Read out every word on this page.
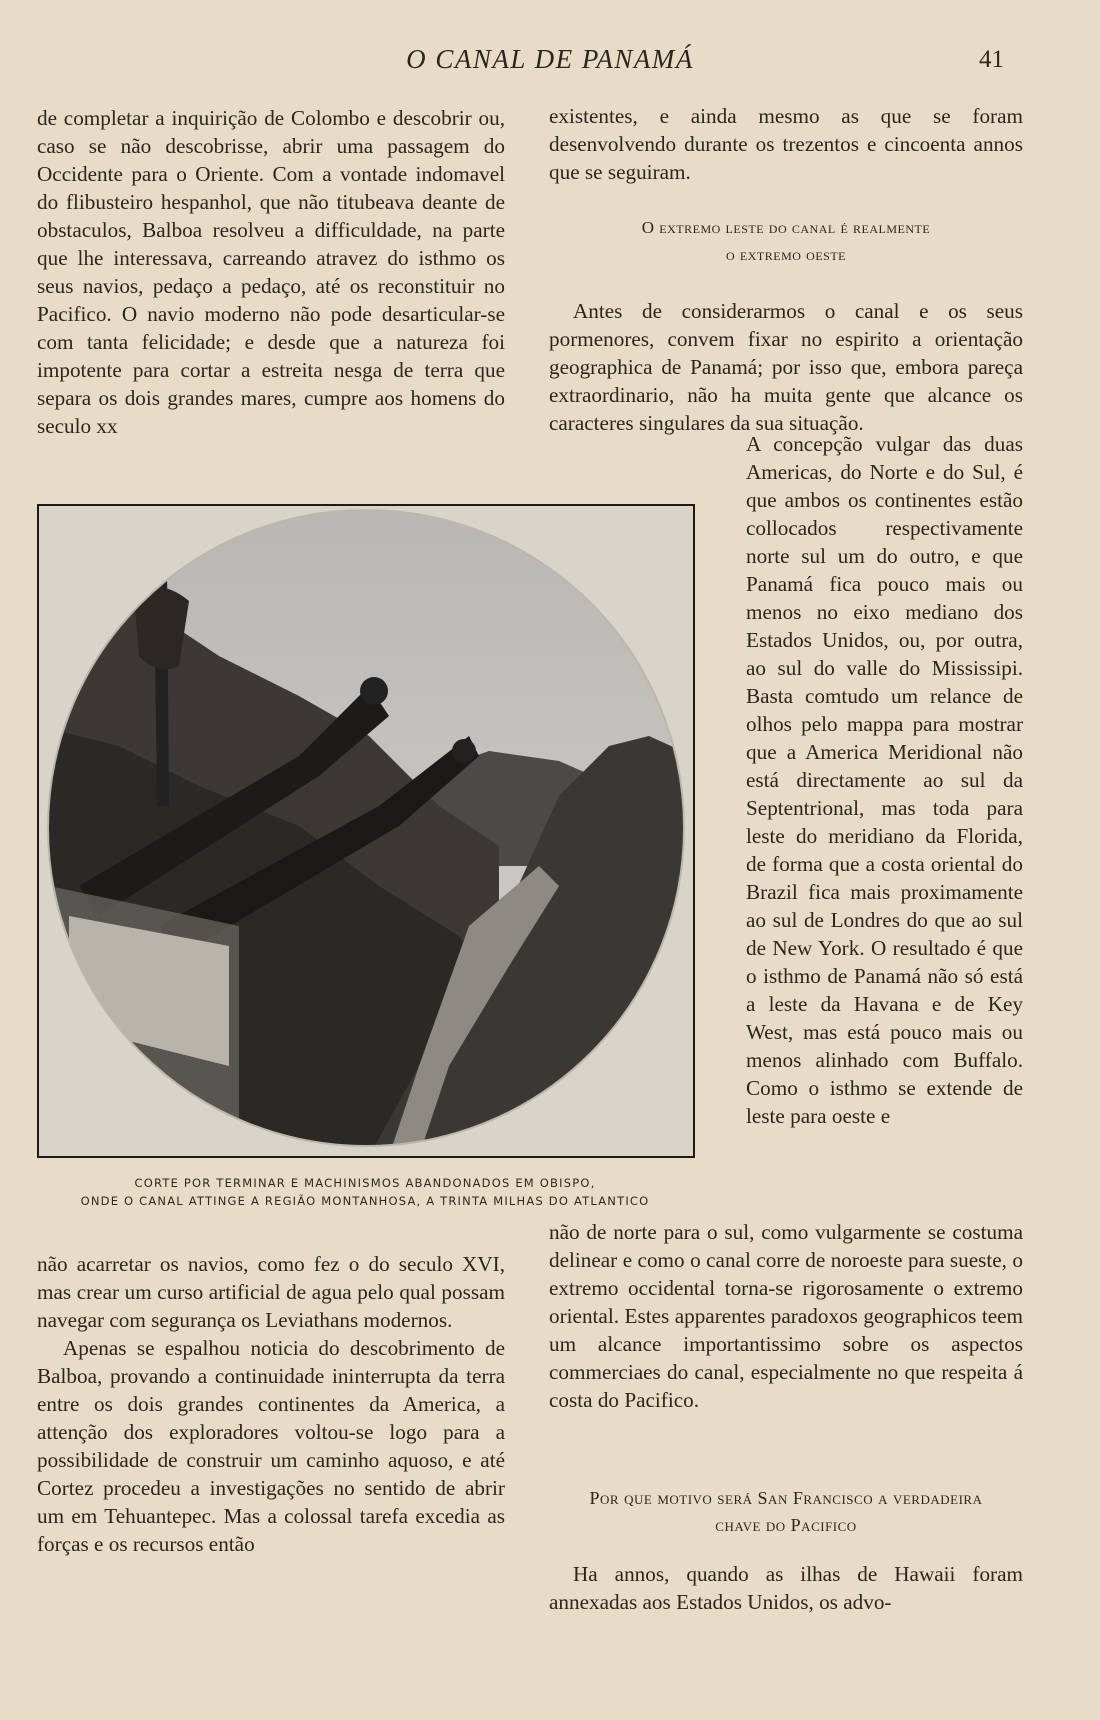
O CANAL DE PANAMÁ	41

de completar a inquirição de Colombo e descobrir ou, caso se não descobrisse, abrir uma passagem do Occidente para o Oriente. Com a vontade indomavel do flibusteiro hespanhol, que não titubeava deante de obstaculos, Balboa resolveu a difficuldade, na parte que lhe interessava, carreando atravez do isthmo os seus navios, pedaço a pedaço, até os reconstituir no Pacifico. O navio moderno não pode desarticular-se com tanta felicidade; e desde que a natureza foi impotente para cortar a estreita nesga de terra que separa os dois grandes mares, cumpre aos homens do seculo xx

CORTE POR TERMINAR E MACHINISMOS ABANDONADOS EM OBISPO,
ONDE O CANAL ATTINGE A REGIÃO MONTANHOSA, A TRINTA MILHAS DO ATLANTICO

não acarretar os navios, como fez o do seculo XVI, mas crear um curso artificial de agua pelo qual possam navegar com segurança os Leviathans modernos.

Apenas se espalhou noticia do descobrimento de Balboa, provando a continuidade ininterrupta da terra entre os dois grandes continentes da America, a attenção dos exploradores voltou-se logo para a possibilidade de construir um caminho aquoso, e até Cortez procedeu a investigações no sentido de abrir um em Tehuantepec. Mas a colossal tarefa excedia as forças e os recursos então

existentes, e ainda mesmo as que se foram desenvolvendo durante os trezentos e cincoenta annos que se seguiram.

O extremo leste do canal é realmente
o extremo oeste

Antes de considerarmos o canal e os seus pormenores, convem fixar no espirito a orientação geographica de Panamá; por isso que, embora pareça extraordinario, não ha muita gente que alcance os caracteres singulares da sua situação.

A concepção vulgar das duas Americas, do Norte e do Sul, é que ambos os continentes estão collocados respectivamente norte sul um do outro, e que Panamá fica pouco mais ou menos no eixo mediano dos Estados Unidos, ou, por outra, ao sul do valle do Mississipi. Basta comtudo um relance de olhos pelo mappa para mostrar que a America Meridional não está directamente ao sul da Septentrional, mas toda para leste do meridiano da Florida, de forma que a costa oriental do Brazil fica mais proximamente ao sul de Londres do que ao sul de New York. O resultado é que o isthmo de Panamá não só está a leste da Havana e de Key West, mas está pouco mais ou menos alinhado com Buffalo. Como o isthmo se extende de leste para oeste e

não de norte para o sul, como vulgarmente se costuma delinear e como o canal corre de noroeste para sueste, o extremo occidental torna-se rigorosamente o extremo oriental. Estes apparentes paradoxos geographicos teem um alcance importantissimo sobre os aspectos commerciaes do canal, especialmente no que respeita á costa do Pacifico.

Por que motivo será San Francisco a verdadeira
chave do Pacifico

Ha annos, quando as ilhas de Hawaii foram annexadas aos Estados Unidos, os advo-
